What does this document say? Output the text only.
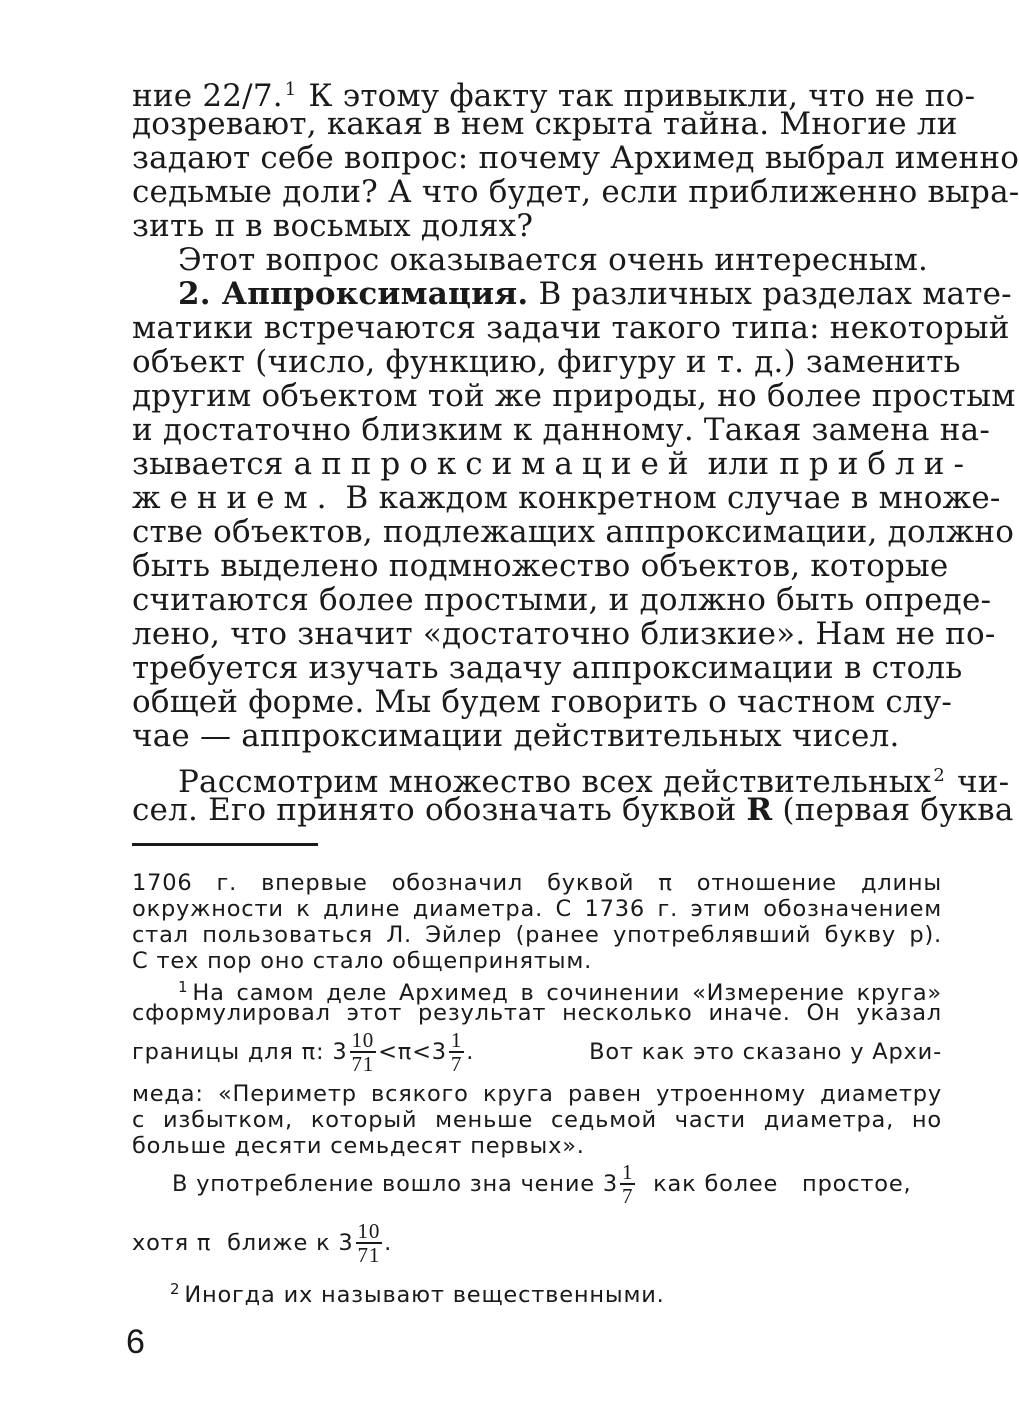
ние 22/7. $^1$ К этому факту так привыкли, что не по-
дозревают, какая в нем скрыта тайна. Многие ли
задают себе вопрос: почему Архимед выбрал именно
седьмые доли? А что будет, если приближенно выра-
зить π в восьмых долях?
Этот вопрос оказывается очень интересным.
2. Аппроксимация. В различных разделах мате-
матики встречаются задачи такого типа: некоторый
объект (число, функцию, фигуру и т. д.) заменить
другим объектом той же природы, но более простым
и достаточно близким к данному. Такая замена на-
зывается аппроксимацией или прибли-
жением. В каждом конкретном случае в множе-
стве объектов, подлежащих аппроксимации, должно
быть выделено подмножество объектов, которые
считаются более простыми, и должно быть опреде-
лено, что значит «достаточно близкие». Нам не по-
требуется изучать задачу аппроксимации в столь
общей форме. Мы будем говорить о частном слу-
чае — аппроксимации действительных чисел.
Рассмотрим множество всех действительных $^2$ чи-
сел. Его принято обозначать буквой R (первая буква
1706 г. впервые обозначил буквой π отношение длины
окружности к длине диаметра. С 1736 г. этим обозначением
стал пользоваться Л. Эйлер (ранее употреблявший букву p).
С тех пор оно стало общепринятым.
$^1$ На самом деле Архимед в сочинении «Измерение круга»
сформулировал этот результат несколько иначе. Он указал
границы для π:
$3 \frac{10}{71} <\pi<3 \frac{1}{7}$ .	Вот как это сказано у Архи-
меда: «Периметр всякого круга равен утроенному диаметру
с избытком, который меньше седьмой части диаметра, но
больше десяти семьдесят первых».
В употребление вошло зна чение $3 \frac{1}{7}$
как более   простое,
хотя π  ближе к $3 \frac{10}{71}$ .
$^2$ Иногда их называют вещественными.
6
